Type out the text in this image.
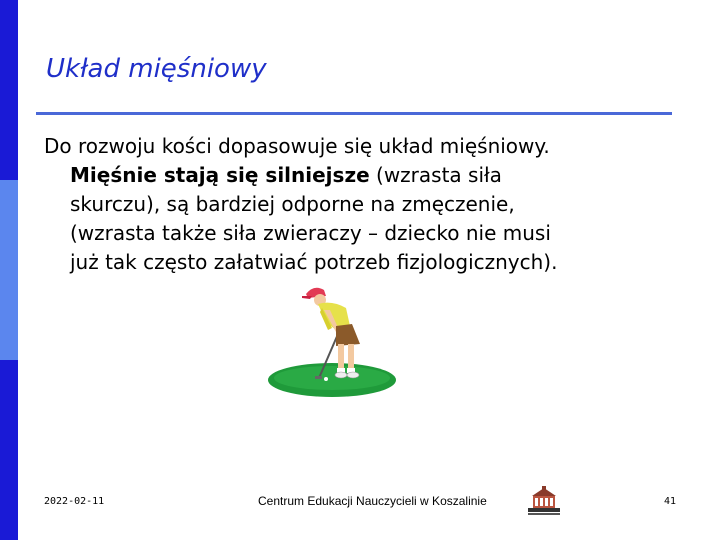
Układ mięśniowy
Do rozwoju kości dopasowuje się układ mięśniowy.
Mięśnie stają się silniejsze (wzrasta siła
skurczu), są bardziej odporne na zmęczenie,
(wzrasta także siła zwieraczy – dziecko nie musi
już tak często załatwiać potrzeb fizjologicznych).
2022-02-11	Centrum Edukacji Nauczycieli w Koszalinie	41
